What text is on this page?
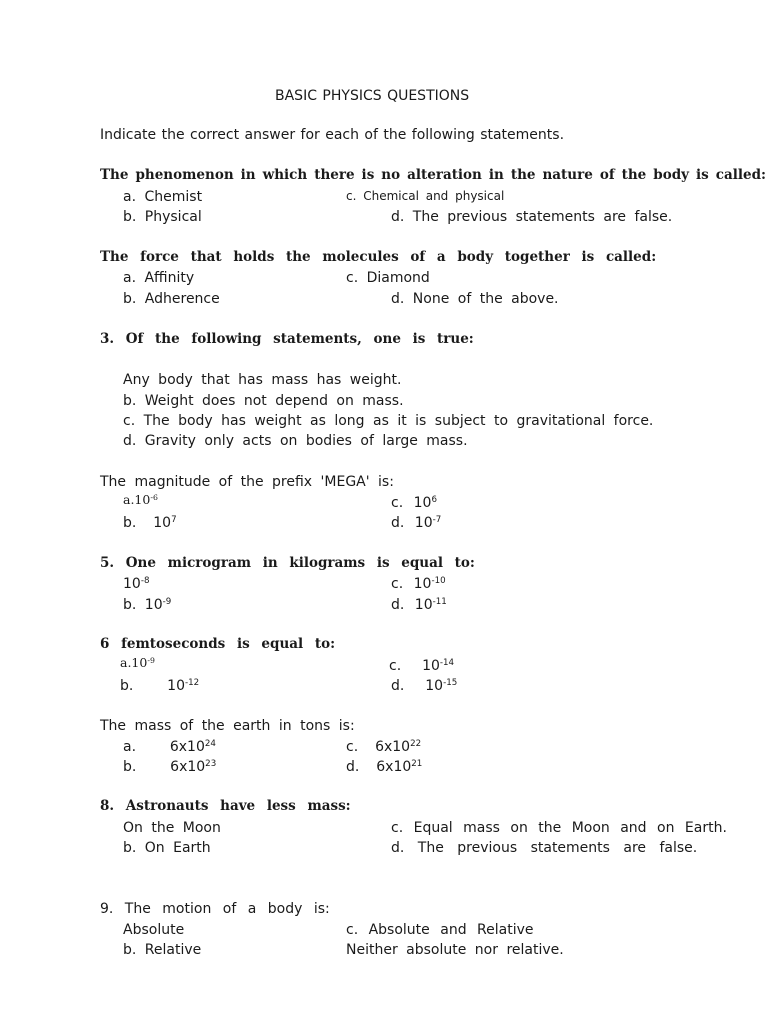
BASIC PHYSICS QUESTIONS
Indicate the correct answer for each of the following statements.
The phenomenon in which there is no alteration in the nature of the body is called:
a. Chemist	c. Chemical and physical
b. Physical	d. The previous statements are false.
The force that holds the molecules of a body together is called:
a. Affinity	c. Diamond
b. Adherence	d. None of the above.
3. Of the following statements, one is true:
Any body that has mass has weight.
b. Weight does not depend on mass.
c. The body has weight as long as it is subject to gravitational force.
d. Gravity only acts on bodies of large mass.
The magnitude of the prefix 'MEGA' is:
$a.10^{-6}$	c. $10^6$
b. $10^7$	d. $10^{-7}$
5. One microgram in kilograms is equal to:
$10^{-8}$	c. $10^{-10}$
b. $10^{-9}$	d. $10^{-11}$
6 femtoseconds is equal to:
$a.10^{-9}$	c. $10^{-14}$
b. $10^{-12}$	d. $10^{-15}$
The mass of the earth in tons is:
a. $6x10^{24}$	c. $6x10^{22}$
b. $6x10^{23}$	d. $6x10^{21}$
8. Astronauts have less mass:
On the Moon	c. Equal mass on the Moon and on Earth.
b. On Earth	d. The previous statements are false.
9. The motion of a body is:
Absolute	c. Absolute and Relative
b. Relative	Neither absolute nor relative.
